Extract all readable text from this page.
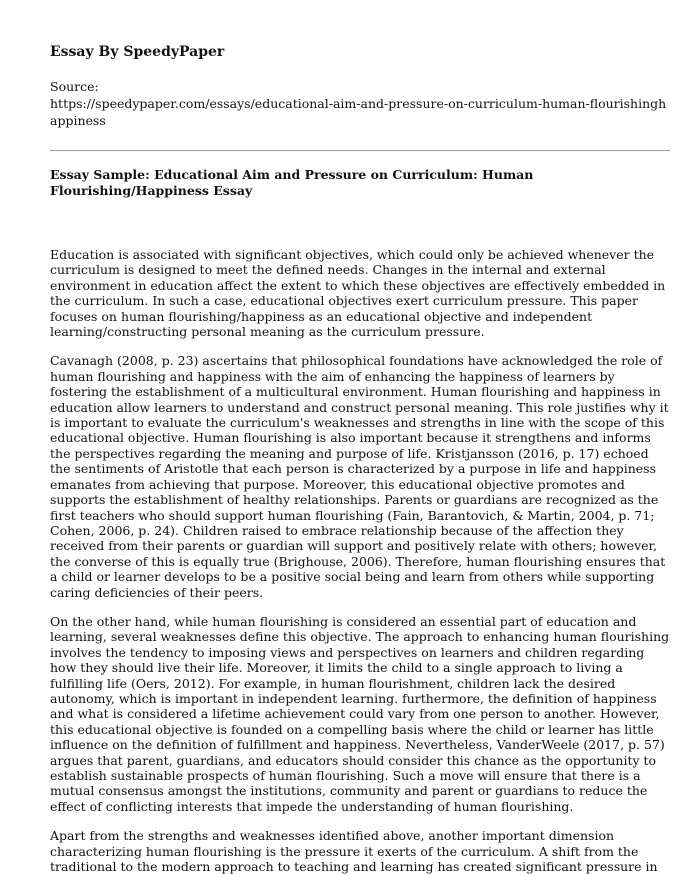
Essay By SpeedyPaper
Source:
https://speedypaper.com/essays/educational-aim-and-pressure-on-curriculum-human-flourishinghappiness
Essay Sample: Educational Aim and Pressure on Curriculum: Human Flourishing/Happiness Essay

Education is associated with significant objectives, which could only be achieved whenever the curriculum is designed to meet the defined needs. Changes in the internal and external environment in education affect the extent to which these objectives are effectively embedded in the curriculum. In such a case, educational objectives exert curriculum pressure. This paper focuses on human flourishing/happiness as an educational objective and independent learning/constructing personal meaning as the curriculum pressure.

Cavanagh (2008, p. 23) ascertains that philosophical foundations have acknowledged the role of human flourishing and happiness with the aim of enhancing the happiness of learners by fostering the establishment of a multicultural environment. Human flourishing and happiness in education allow learners to understand and construct personal meaning. This role justifies why it is important to evaluate the curriculum's weaknesses and strengths in line with the scope of this educational objective. Human flourishing is also important because it strengthens and informs the perspectives regarding the meaning and purpose of life. Kristjansson (2016, p. 17) echoed the sentiments of Aristotle that each person is characterized by a purpose in life and happiness emanates from achieving that purpose. Moreover, this educational objective promotes and supports the establishment of healthy relationships. Parents or guardians are recognized as the first teachers who should support human flourishing (Fain, Barantovich, & Martin, 2004, p. 71; Cohen, 2006, p. 24). Children raised to embrace relationship because of the affection they received from their parents or guardian will support and positively relate with others; however, the converse of this is equally true (Brighouse, 2006). Therefore, human flourishing ensures that a child or learner develops to be a positive social being and learn from others while supporting caring deficiencies of their peers.

On the other hand, while human flourishing is considered an essential part of education and learning, several weaknesses define this objective. The approach to enhancing human flourishing involves the tendency to imposing views and perspectives on learners and children regarding how they should live their life. Moreover, it limits the child to a single approach to living a fulfilling life (Oers, 2012). For example, in human flourishment, children lack the desired autonomy, which is important in independent learning. furthermore, the definition of happiness and what is considered a lifetime achievement could vary from one person to another. However, this educational objective is founded on a compelling basis where the child or learner has little influence on the definition of fulfillment and happiness. Nevertheless, VanderWeele (2017, p. 57) argues that parent, guardians, and educators should consider this chance as the opportunity to establish sustainable prospects of human flourishing. Such a move will ensure that there is a mutual consensus amongst the institutions, community and parent or guardians to reduce the effect of conflicting interests that impede the understanding of human flourishing.

Apart from the strengths and weaknesses identified above, another important dimension characterizing human flourishing is the pressure it exerts of the curriculum. A shift from the traditional to the modern approach to teaching and learning has created significant pressure in
